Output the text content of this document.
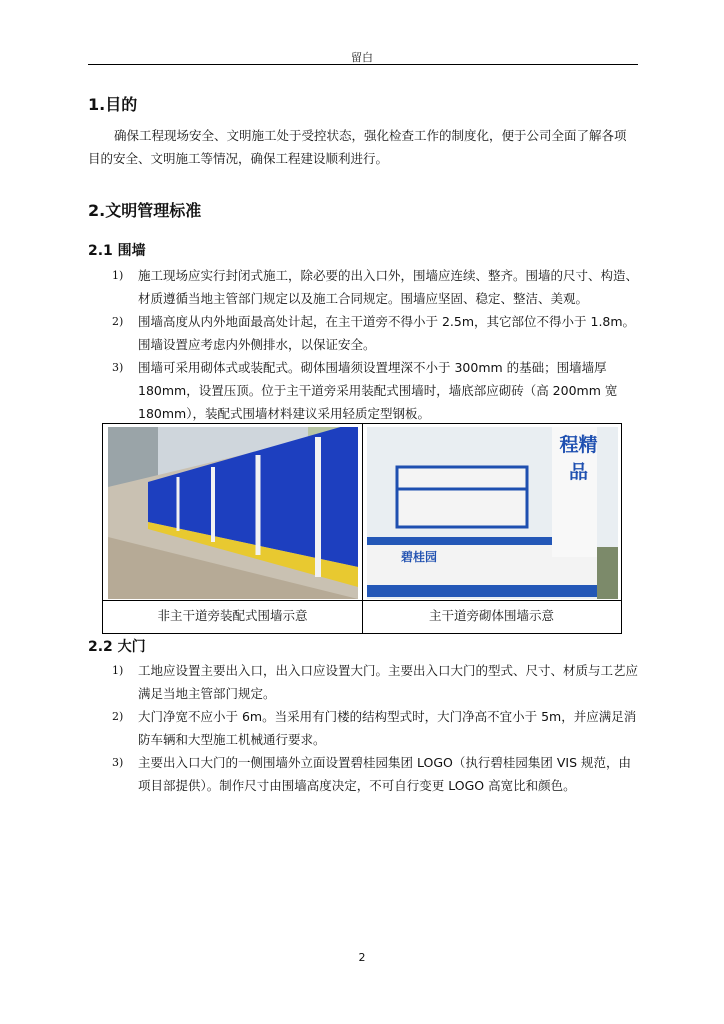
留白
1.目的
确保工程现场安全、文明施工处于受控状态，强化检查工作的制度化，便于公司全面了解各项目的安全、文明施工等情况，确保工程建设顺利进行。
2.文明管理标准
2.1 围墙
1) 施工现场应实行封闭式施工，除必要的出入口外，围墙应连续、整齐。围墙的尺寸、构造、材质遵循当地主管部门规定以及施工合同规定。围墙应坚固、稳定、整洁、美观。
2) 围墙高度从内外地面最高处计起，在主干道旁不得小于 2.5m，其它部位不得小于 1.8m。围墙设置应考虑内外侧排水，以保证安全。
3) 围墙可采用砌体式或装配式。砌体围墙须设置埋深不小于 300mm 的基础；围墙墙厚 180mm，设置压顶。位于主干道旁采用装配式围墙时，墙底部应砌砖（高 200mm 宽 180mm），装配式围墙材料建议采用轻质定型钢板。
程精品
碧桂园
非主干道旁装配式围墙示意	主干道旁砌体围墙示意
2.2 大门
1) 工地应设置主要出入口，出入口应设置大门。主要出入口大门的型式、尺寸、材质与工艺应满足当地主管部门规定。
2) 大门净宽不应小于 6m。当采用有门楼的结构型式时，大门净高不宜小于 5m，并应满足消防车辆和大型施工机械通行要求。
3) 主要出入口大门的一侧围墙外立面设置碧桂园集团 LOGO（执行碧桂园集团 VIS 规范，由项目部提供）。制作尺寸由围墙高度决定，不可自行变更 LOGO 高宽比和颜色。
2
